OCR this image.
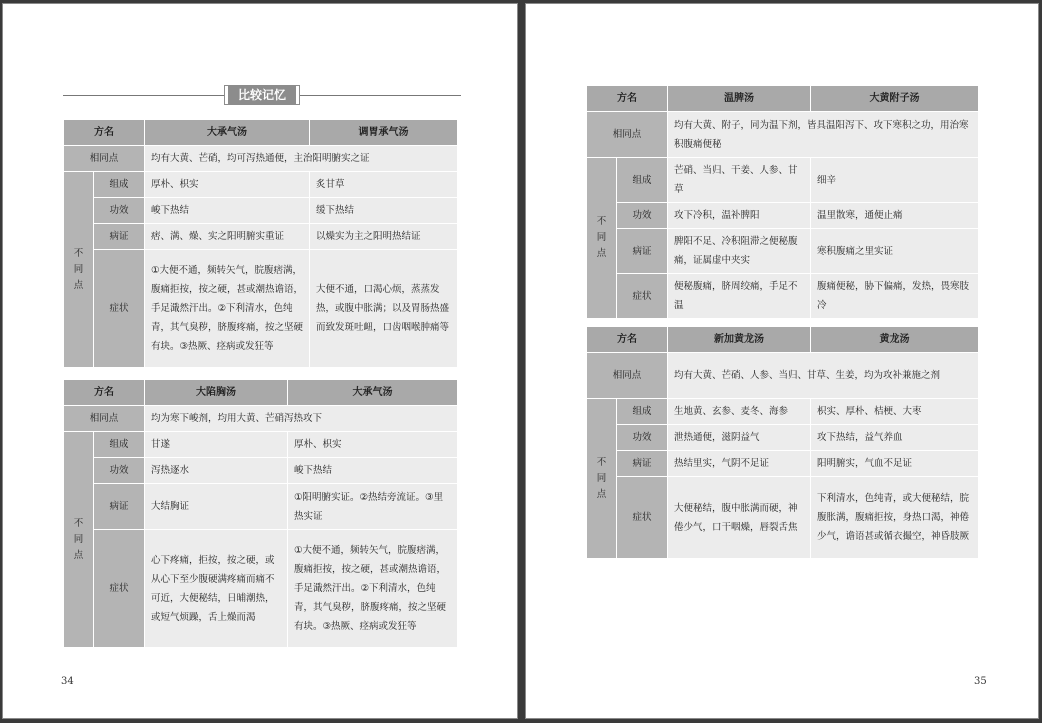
比较记忆
方名		大承气汤	调胃承气汤
相同点		均有大黄、芒硝，均可泻热通便，主治阳明腑实之证	
不同点	组成	厚朴、枳实	炙甘草
	功效	峻下热结	缓下热结
	病证	痞、满、燥、实之阳明腑实重证	以燥实为主之阳明热结证
	症状	①大便不通，频转矢气，脘腹痞满，腹痛拒按，按之硬，甚或潮热谵语，手足濈然汗出。②下利清水，色纯青，其气臭秽，脐腹疼痛，按之坚硬有块。③热厥、痉病或发狂等	大便不通，口渴心烦，蒸蒸发热，或腹中胀满；以及胃肠热盛而致发斑吐衄，口齿咽喉肿痛等
方名		大陷胸汤	大承气汤
相同点		均为寒下峻剂，均用大黄、芒硝泻热攻下	
不同点	组成	甘遂	厚朴、枳实
	功效	泻热逐水	峻下热结
	病证	大结胸证	①阳明腑实证。②热结旁流证。③里热实证
	症状	心下疼痛，拒按，按之硬，或从心下至少腹硬满疼痛而痛不可近，大便秘结，日晡潮热，或短气烦躁，舌上燥而渴	①大便不通，频转矢气，脘腹痞满，腹痛拒按，按之硬，甚或潮热谵语，手足濈然汗出。②下利清水，色纯青，其气臭秽，脐腹疼痛，按之坚硬有块。③热厥、痉病或发狂等
34
方名		温脾汤	大黄附子汤
相同点		均有大黄、附子，同为温下剂，皆具温阳泻下、攻下寒积之功，用治寒积腹痛便秘	
不同点	组成	芒硝、当归、干姜、人参、甘草	细辛
	功效	攻下冷积，温补脾阳	温里散寒，通便止痛
	病证	脾阳不足、冷积阻滞之便秘腹痛，证属虚中夹实	寒积腹痛之里实证
	症状	便秘腹痛，脐周绞痛，手足不温	腹痛便秘，胁下偏痛，发热，畏寒肢冷
方名		新加黄龙汤	黄龙汤
相同点		均有大黄、芒硝、人参、当归、甘草、生姜，均为攻补兼施之剂	
不同点	组成	生地黄、玄参、麦冬、海参	枳实、厚朴、桔梗、大枣
	功效	泄热通便，滋阴益气	攻下热结，益气养血
	病证	热结里实，气阴不足证	阳明腑实，气血不足证
	症状	大便秘结，腹中胀满而硬，神倦少气，口干咽燥，唇裂舌焦	下利清水，色纯青，或大便秘结，脘腹胀满，腹痛拒按，身热口渴，神倦少气，谵语甚或循衣撮空，神昏肢厥
35
